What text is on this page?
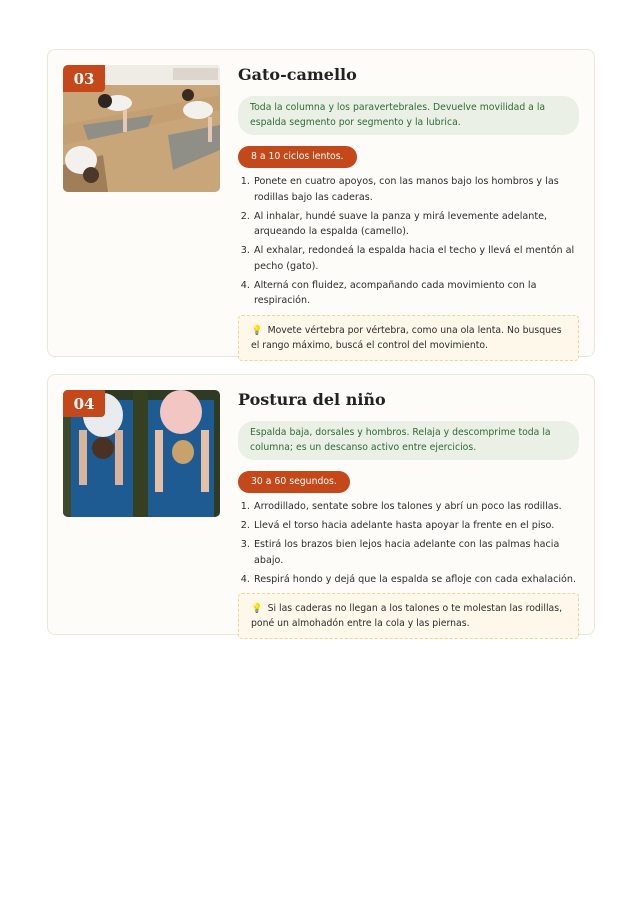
03	Gato-camello
Toda la columna y los paravertebrales. Devuelve movilidad a la espalda segmento por segmento y la lubrica.
8 a 10 ciclos lentos.
1. Ponete en cuatro apoyos, con las manos bajo los hombros y las rodillas bajo las caderas.
2. Al inhalar, hundé suave la panza y mirá levemente adelante, arqueando la espalda (camello).
3. Al exhalar, redondeá la espalda hacia el techo y llevá el mentón al pecho (gato).
4. Alterná con fluidez, acompañando cada movimiento con la respiración.
💡 Movete vértebra por vértebra, como una ola lenta. No busques el rango máximo, buscá el control del movimiento.
04	Postura del niño
Espalda baja, dorsales y hombros. Relaja y descomprime toda la columna; es un descanso activo entre ejercicios.
30 a 60 segundos.
1. Arrodillado, sentate sobre los talones y abrí un poco las rodillas.
2. Llevá el torso hacia adelante hasta apoyar la frente en el piso.
3. Estirá los brazos bien lejos hacia adelante con las palmas hacia abajo.
4. Respirá hondo y dejá que la espalda se afloje con cada exhalación.
💡 Si las caderas no llegan a los talones o te molestan las rodillas, poné un almohadón entre la cola y las piernas.
